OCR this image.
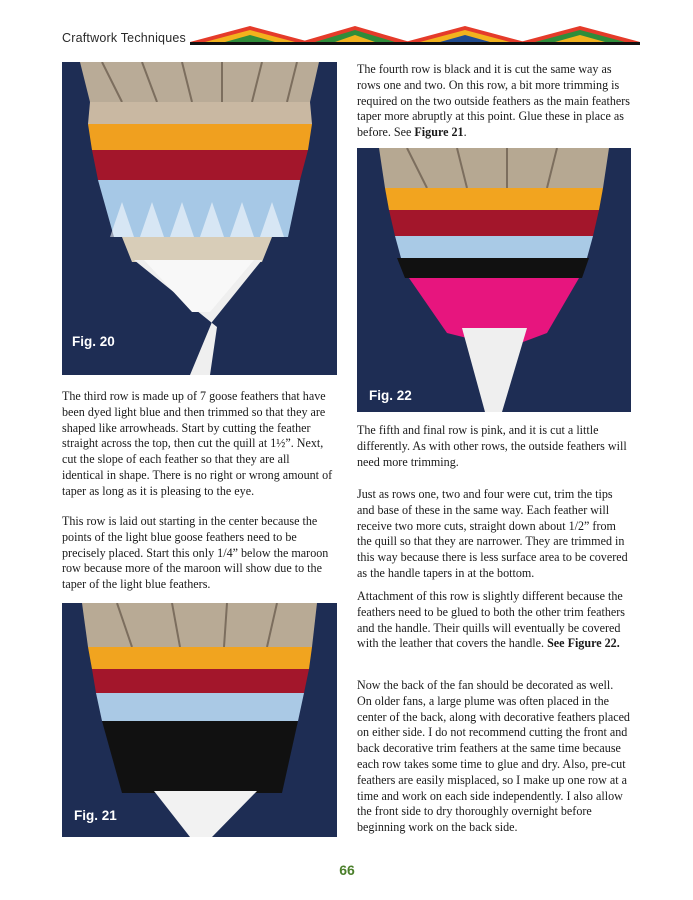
Craftwork Techniques
Fig. 20
Fig. 22
Fig. 21

The third row is made up of 7 goose feathers that have been dyed light blue and then trimmed so that they are shaped like arrowheads. Start by cutting the feather straight across the top, then cut the quill at 1½”. Next, cut the slope of each feather so that they are all identical in shape. There is no right or wrong amount of taper as long as it is pleasing to the eye.

This row is laid out starting in the center because the points of the light blue goose feathers need to be precisely placed. Start this only 1/4” below the maroon row because more of the maroon will show due to the taper of the light blue feathers.

The fourth row is black and it is cut the same way as rows one and two. On this row, a bit more trimming is required on the two outside feathers as the main feathers taper more abruptly at this point. Glue these in place as before. See Figure 21.

The fifth and final row is pink, and it is cut a little differently. As with other rows, the outside feathers will need more trimming.

Just as rows one, two and four were cut, trim the tips and base of these in the same way. Each feather will receive two more cuts, straight down about 1/2” from the quill so that they are narrower. They are trimmed in this way because there is less surface area to be covered as the handle tapers in at the bottom.

Attachment of this row is slightly different because the feathers need to be glued to both the other trim feathers and the handle. Their quills will eventually be covered with the leather that covers the handle. See Figure 22.

Now the back of the fan should be decorated as well. On older fans, a large plume was often placed in the center of the back, along with decorative feathers placed on either side. I do not recommend cutting the front and back decorative trim feathers at the same time because each row takes some time to glue and dry. Also, pre-cut feathers are easily misplaced, so I make up one row at a time and work on each side independently. I also allow the front side to dry thoroughly overnight before beginning work on the back side.

66
